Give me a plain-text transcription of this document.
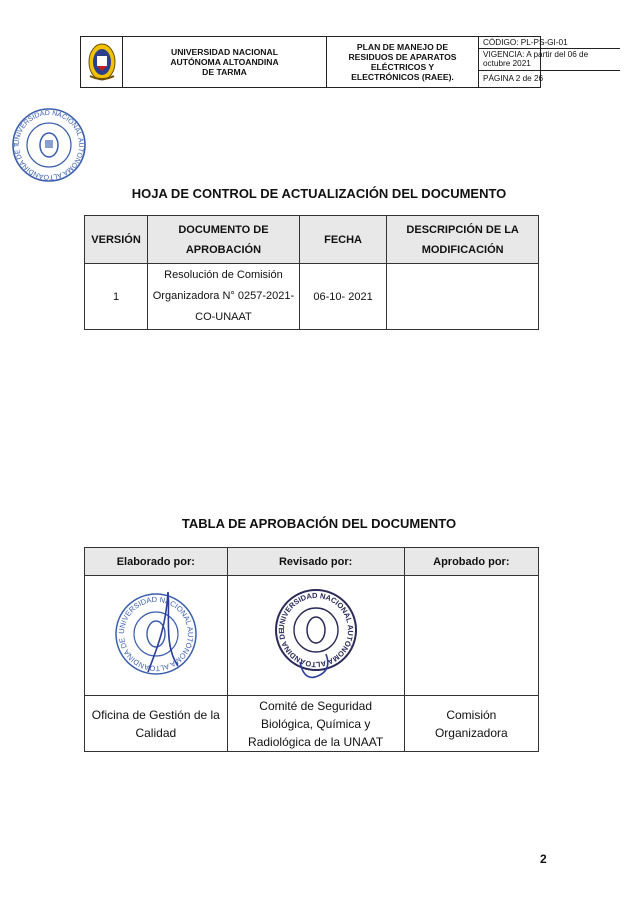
UNIVERSIDAD NACIONAL AUTÓNOMA ALTOANDINA DE TARMA
PLAN DE MANEJO DE RESIDUOS DE APARATOS ELÉCTRICOS Y ELECTRÓNICOS (RAEE).
CÓDIGO: PL-PS-GI-01
VIGENCIA: A partir del 06 de octubre 2021
PÁGINA 2 de 26
UNIVERSIDAD NACIONAL AUTÓNOMA ALTOANDINA DE T
HOJA DE CONTROL DE ACTUALIZACIÓN DEL DOCUMENTO
VERSIÓN	DOCUMENTO DE APROBACIÓN	FECHA	DESCRIPCIÓN DE LA MODIFICACIÓN
1	Resolución de Comisión Organizadora N° 0257-2021-CO-UNAAT	06-10- 2021	
TABLA DE APROBACIÓN DEL DOCUMENTO
Elaborado por:	Revisado por:	Aprobado por:

UNIVERSIDAD NACIONAL AUTÓNOMA ALTOANDINA DE	UNIVERSIDAD NACIONAL AUTÓNOMA ALTOANDINA DE	

Oficina de Gestión de la Calidad	Comité de Seguridad Biológica, Química y Radiológica de la UNAAT	Comisión Organizadora
2
